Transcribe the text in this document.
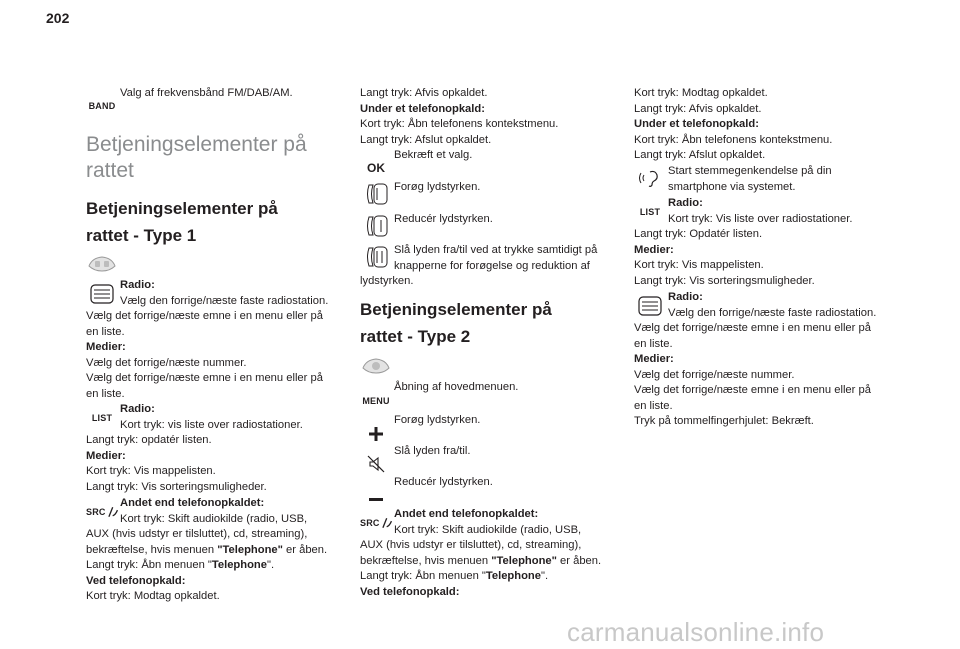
202
BAND
Valg af frekvensbånd FM/DAB/AM.
Betjeningselementer på
rattet
Betjeningselementer på
rattet - Type 1
Radio:
Vælg den forrige/næste faste radiostation.
Vælg det forrige/næste emne i en menu eller på
en liste.
Medier:
Vælg det forrige/næste nummer.
Vælg det forrige/næste emne i en menu eller på
en liste.
LIST
Radio:
Kort tryk: vis liste over radiostationer.
Langt tryk: opdatér listen.
Medier:
Kort tryk: Vis mappelisten.
Langt tryk: Vis sorteringsmuligheder.
SRC
Andet end telefonopkaldet:
Kort tryk: Skift audiokilde (radio, USB,
AUX (hvis udstyr er tilsluttet), cd, streaming),
bekræftelse, hvis menuen "Telephone" er åben.
Langt tryk: Åbn menuen "Telephone".
Ved telefonopkald:
Kort tryk: Modtag opkaldet.
Langt tryk: Afvis opkaldet.
Under et telefonopkald:
Kort tryk: Åbn telefonens kontekstmenu.
Langt tryk: Afslut opkaldet.
OK
Bekræft et valg.
Forøg lydstyrken.
Reducér lydstyrken.
Slå lyden fra/til ved at trykke samtidigt på
knapperne for forøgelse og reduktion af
lydstyrken.
Betjeningselementer på
rattet - Type 2
MENU
Åbning af hovedmenuen.
Forøg lydstyrken.
Slå lyden fra/til.
Reducér lydstyrken.
SRC
Andet end telefonopkaldet:
Kort tryk: Skift audiokilde (radio, USB,
AUX (hvis udstyr er tilsluttet), cd, streaming),
bekræftelse, hvis menuen "Telephone" er åben.
Langt tryk: Åbn menuen "Telephone".
Ved telefonopkald:
Kort tryk: Modtag opkaldet.
Langt tryk: Afvis opkaldet.
Under et telefonopkald:
Kort tryk: Åbn telefonens kontekstmenu.
Langt tryk: Afslut opkaldet.
Start stemmegenkendelse på din
smartphone via systemet.
LIST
Radio:
Kort tryk: Vis liste over radiostationer.
Langt tryk: Opdatér listen.
Medier:
Kort tryk: Vis mappelisten.
Langt tryk: Vis sorteringsmuligheder.
Radio:
Vælg den forrige/næste faste radiostation.
Vælg det forrige/næste emne i en menu eller på
en liste.
Medier:
Vælg det forrige/næste nummer.
Vælg det forrige/næste emne i en menu eller på
en liste.
Tryk på tommelfingerhjulet: Bekræft.
carmanualsonline.info
